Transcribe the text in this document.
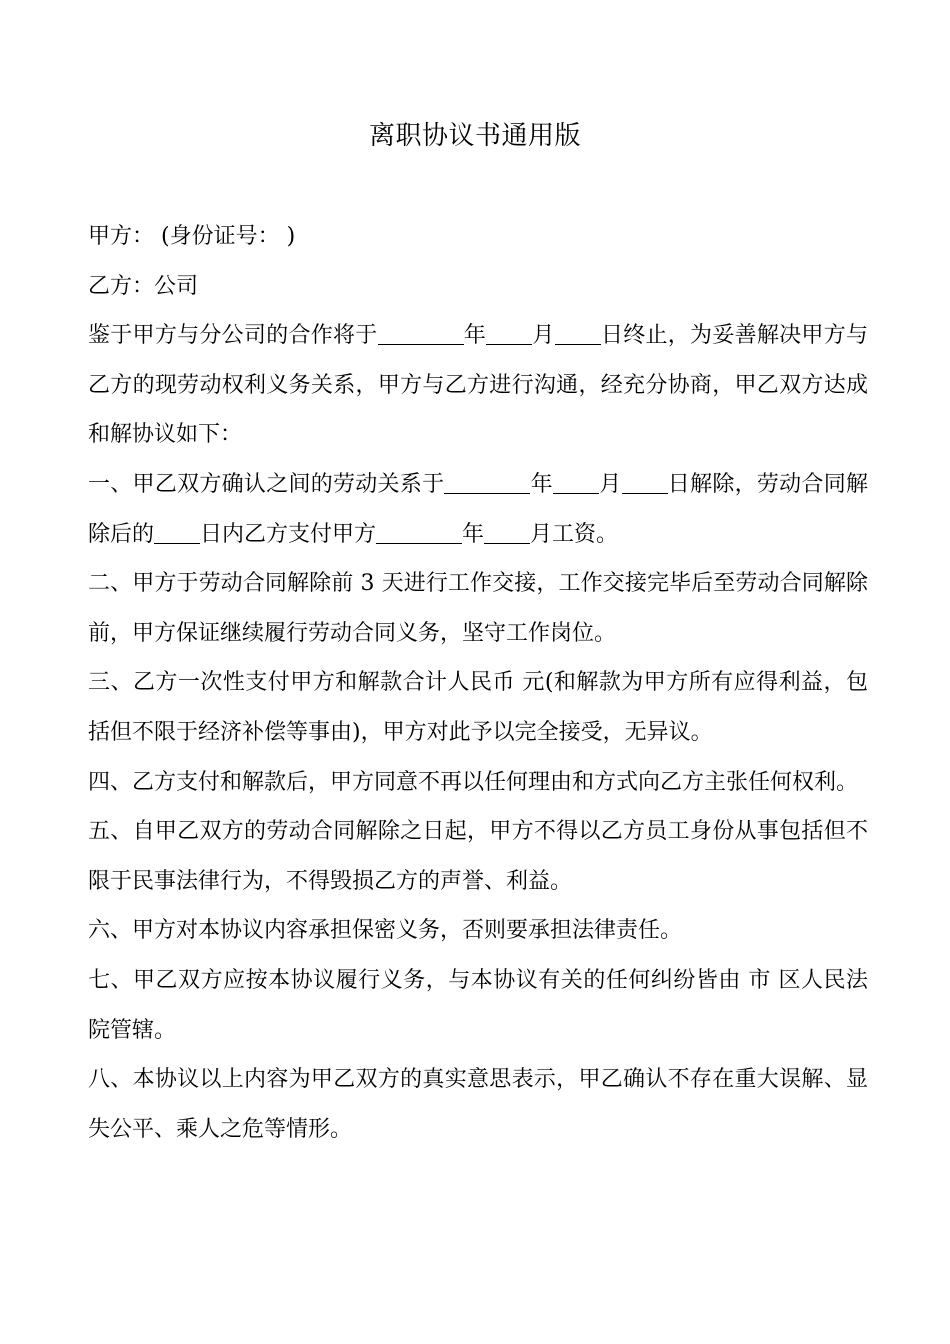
离职协议书通用版

甲方： (身份证号： )

乙方：公司

鉴于甲方与分公司的合作将于	年 月 日终止，为妥善解决甲方与乙方的现劳动权利义务关系，甲方与乙方进行沟通，经充分协商，甲乙双方达成和解协议如下：

一、甲乙双方确认之间的劳动关系于	年 月 日解除，劳动合同解除后的 日内乙方支付甲方	年 月工资。

二、甲方于劳动合同解除前 3 天进行工作交接，工作交接完毕后至劳动合同解除前，甲方保证继续履行劳动合同义务，坚守工作岗位。

三、乙方一次性支付甲方和解款合计人民币 元(和解款为甲方所有应得利益，包括但不限于经济补偿等事由)，甲方对此予以完全接受，无异议。

四、乙方支付和解款后，甲方同意不再以任何理由和方式向乙方主张任何权利。

五、自甲乙双方的劳动合同解除之日起，甲方不得以乙方员工身份从事包括但不限于民事法律行为，不得毁损乙方的声誉、利益。

六、甲方对本协议内容承担保密义务，否则要承担法律责任。

七、甲乙双方应按本协议履行义务，与本协议有关的任何纠纷皆由 市 区人民法院管辖。

八、本协议以上内容为甲乙双方的真实意思表示，甲乙确认不存在重大误解、显失公平、乘人之危等情形。
